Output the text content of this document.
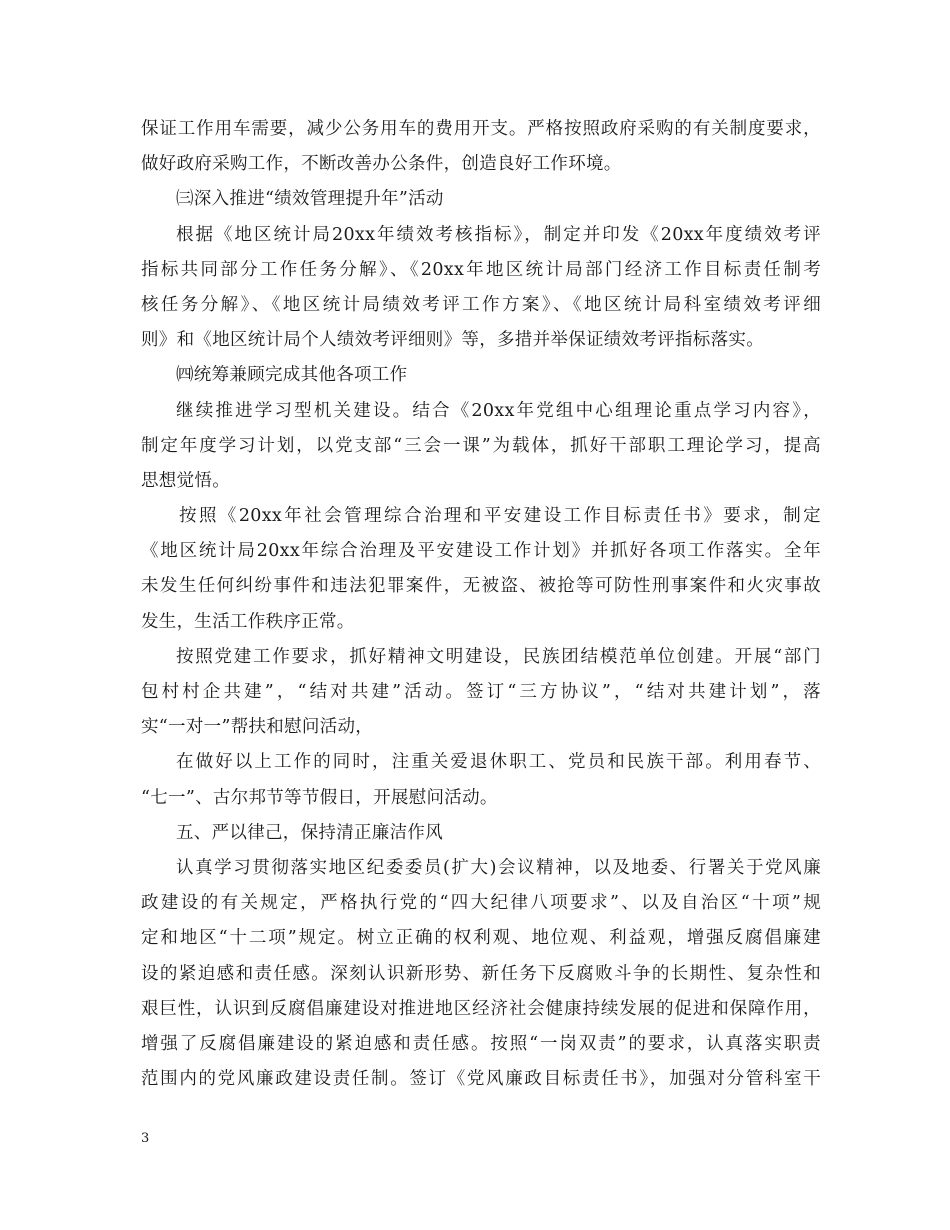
保证工作用车需要，减少公务用车的费用开支。严格按照政府采购的有关制度要求，
做好政府采购工作，不断改善办公条件，创造良好工作环境。
㈢深入推进“绩效管理提升年”活动
根据《地区统计局20xx年绩效考核指标》，制定并印发《20xx年度绩效考评
指标共同部分工作任务分解》、《20xx年地区统计局部门经济工作目标责任制考
核任务分解》、《地区统计局绩效考评工作方案》、《地区统计局科室绩效考评细
则》和《地区统计局个人绩效考评细则》等，多措并举保证绩效考评指标落实。
㈣统筹兼顾完成其他各项工作
继续推进学习型机关建设。结合《20xx年党组中心组理论重点学习内容》，
制定年度学习计划，以党支部“三会一课”为载体，抓好干部职工理论学习，提高
思想觉悟。
按照《20xx年社会管理综合治理和平安建设工作目标责任书》要求，制定
《地区统计局20xx年综合治理及平安建设工作计划》并抓好各项工作落实。全年
未发生任何纠纷事件和违法犯罪案件，无被盗、被抢等可防性刑事案件和火灾事故
发生，生活工作秩序正常。
按照党建工作要求，抓好精神文明建设，民族团结模范单位创建。开展“部门
包村村企共建”，“结对共建”活动。签订“三方协议”，“结对共建计划”，落
实“一对一”帮扶和慰问活动，
在做好以上工作的同时，注重关爱退休职工、党员和民族干部。利用春节、
“七一”、古尔邦节等节假日，开展慰问活动。
五、严以律己，保持清正廉洁作风
认真学习贯彻落实地区纪委委员(扩大)会议精神，以及地委、行署关于党风廉
政建设的有关规定，严格执行党的“四大纪律八项要求”、以及自治区“十项”规
定和地区“十二项”规定。树立正确的权利观、地位观、利益观，增强反腐倡廉建
设的紧迫感和责任感。深刻认识新形势、新任务下反腐败斗争的长期性、复杂性和
艰巨性，认识到反腐倡廉建设对推进地区经济社会健康持续发展的促进和保障作用，
增强了反腐倡廉建设的紧迫感和责任感。按照“一岗双责”的要求，认真落实职责
范围内的党风廉政建设责任制。签订《党风廉政目标责任书》，加强对分管科室干
3
